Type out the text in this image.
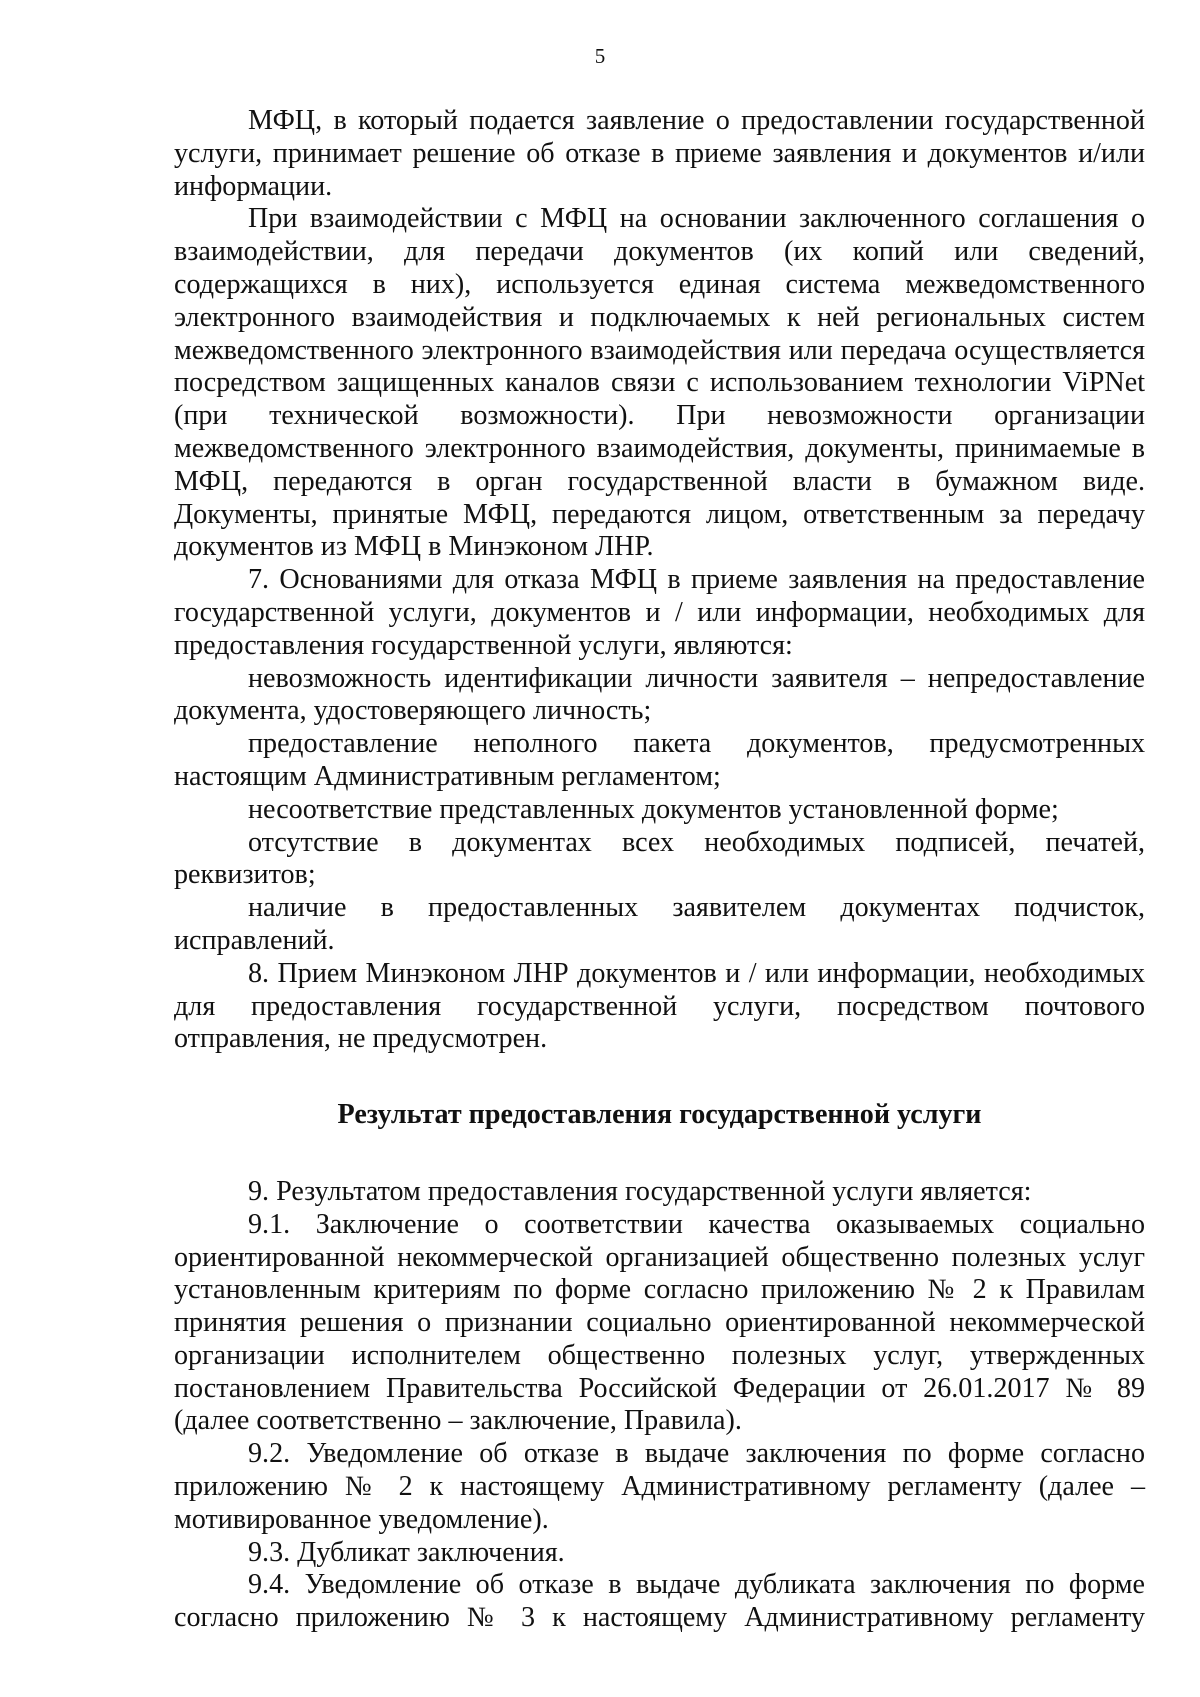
5

МФЦ, в который подается заявление о предоставлении государственной услуги, принимает решение об отказе в приеме заявления и документов и/или информации.

При взаимодействии с МФЦ на основании заключенного соглашения о взаимодействии, для передачи документов (их копий или сведений, содержащихся в них), используется единая система межведомственного электронного взаимодействия и подключаемых к ней региональных систем межведомственного электронного взаимодействия или передача осуществляется посредством защищенных каналов связи с использованием технологии ViPNet (при технической возможности). При невозможности организации межведомственного электронного взаимодействия, документы, принимаемые в МФЦ, передаются в орган государственной власти в бумажном виде. Документы, принятые МФЦ, передаются лицом, ответственным за передачу документов из МФЦ в Минэконом ЛНР.

7. Основаниями для отказа МФЦ в приеме заявления на предоставление государственной услуги, документов и / или информации, необходимых для предоставления государственной услуги, являются:

невозможность идентификации личности заявителя – непредоставление документа, удостоверяющего личность;

предоставление неполного пакета документов, предусмотренных настоящим Административным регламентом;

несоответствие представленных документов установленной форме;

отсутствие в документах всех необходимых подписей, печатей, реквизитов;

наличие в предоставленных заявителем документах подчисток, исправлений.

8. Прием Минэконом ЛНР документов и / или информации, необходимых для предоставления государственной услуги, посредством почтового отправления, не предусмотрен.

Результат предоставления государственной услуги

9. Результатом предоставления государственной услуги является:

9.1. Заключение о соответствии качества оказываемых социально ориентированной некоммерческой организацией общественно полезных услуг установленным критериям по форме согласно приложению № 2 к Правилам принятия решения о признании социально ориентированной некоммерческой организации исполнителем общественно полезных услуг, утвержденных постановлением Правительства Российской Федерации от 26.01.2017 № 89 (далее соответственно – заключение, Правила).

9.2. Уведомление об отказе в выдаче заключения по форме согласно приложению № 2 к настоящему Административному регламенту (далее – мотивированное уведомление).

9.3. Дубликат заключения.

9.4. Уведомление об отказе в выдаче дубликата заключения по форме согласно приложению № 3 к настоящему Административному регламенту
